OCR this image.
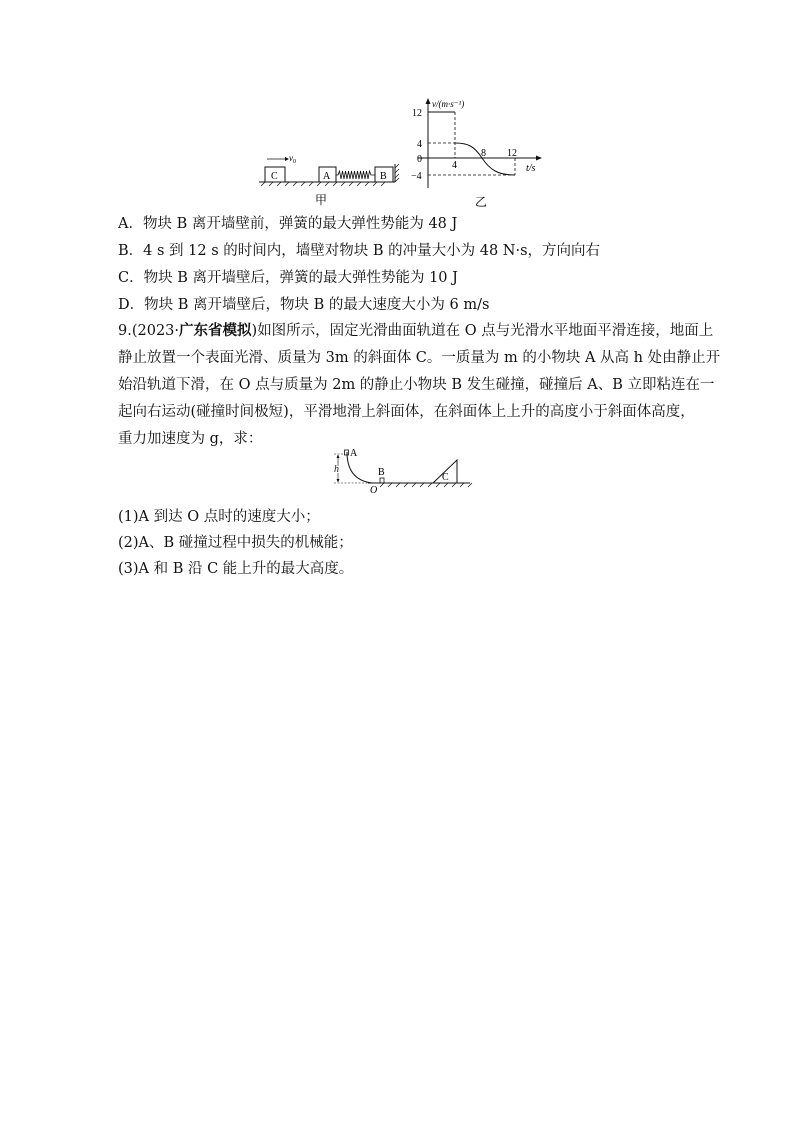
C
$v_0$
A	B
甲
v/(m·s⁻¹)
t/s
12
4
0
−4
4
8 12
乙
A．物块 B 离开墙壁前，弹簧的最大弹性势能为 48 J
B．4 s 到 12 s 的时间内，墙壁对物块 B 的冲量大小为 48 N·s，方向向右
C．物块 B 离开墙壁后，弹簧的最大弹性势能为 10 J
D．物块 B 离开墙壁后，物块 B 的最大速度大小为 6 m/s
9.(2023·广东省模拟)如图所示，固定光滑曲面轨道在 O 点与光滑水平地面平滑连接，地面上
静止放置一个表面光滑、质量为 3m 的斜面体 C。一质量为 m 的小物块 A 从高 h 处由静止开
始沿轨道下滑，在 O 点与质量为 2m 的静止小物块 B 发生碰撞，碰撞后 A、B 立即粘连在一
起向右运动(碰撞时间极短)，平滑地滑上斜面体，在斜面体上上升的高度小于斜面体高度，
重力加速度为 g，求：
A
h	B
O
C
(1)A 到达 O 点时的速度大小；
(2)A、B 碰撞过程中损失的机械能；
(3)A 和 B 沿 C 能上升的最大高度。
